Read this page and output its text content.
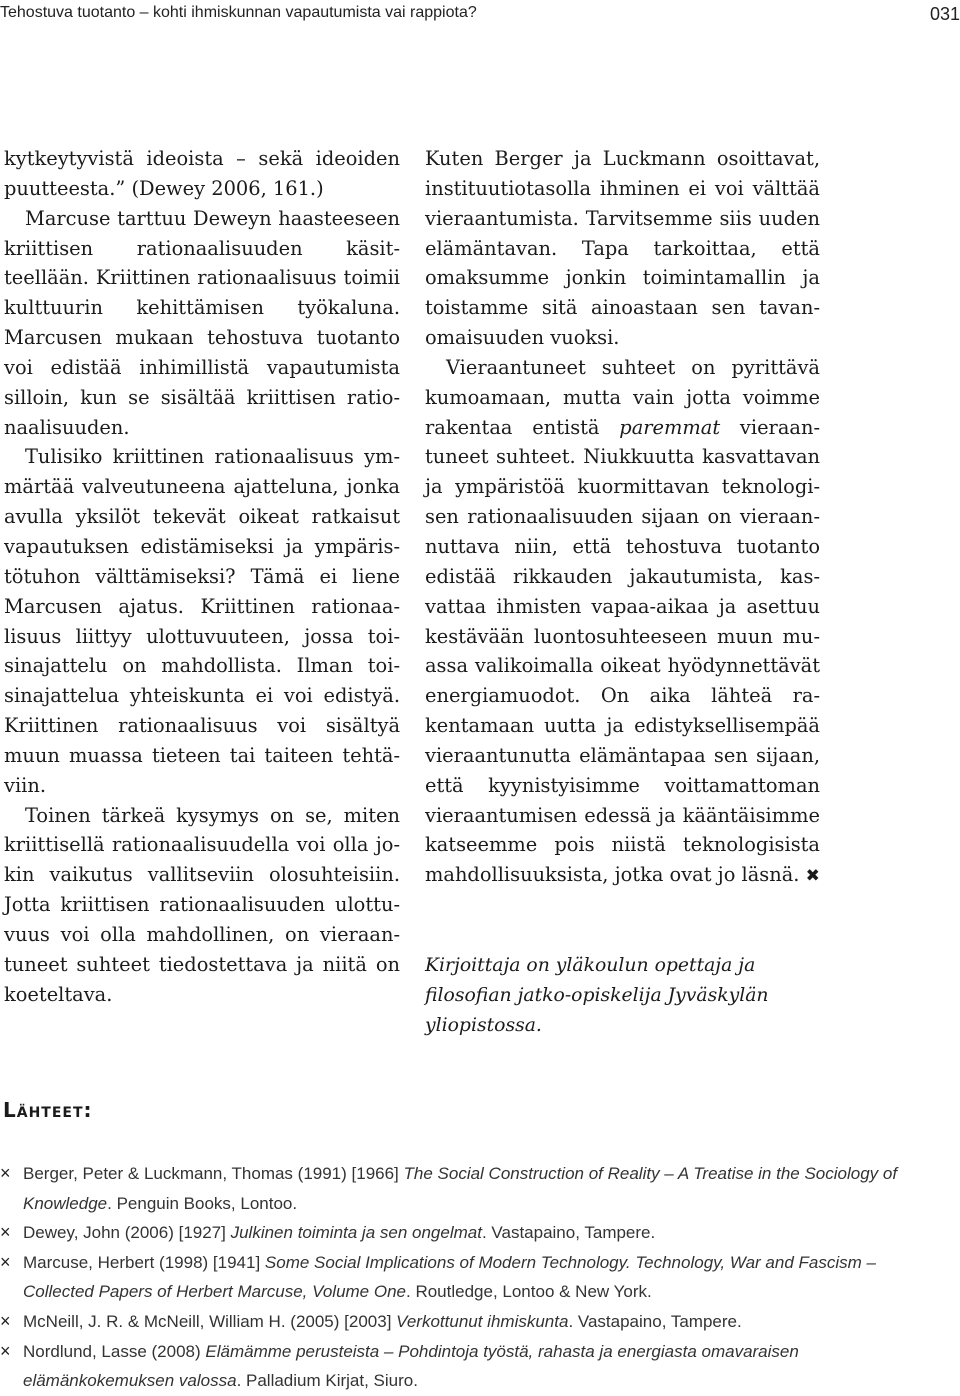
Tehostuva tuotanto – kohti ihmiskunnan vapautumista vai rappiota?	031

kytkeytyvistä ideoista – sekä ideoiden puutteesta.” (Dewey 2006, 161.)

Marcuse tarttuu Deweyn haasteeseen kriittisen rationaalisuuden käsitteellään. Kriittinen rationaalisuus toimii kulttuurin kehittämisen työkaluna. Marcusen mukaan tehostuva tuotanto voi edistää inhimillistä vapautumista silloin, kun se sisältää kriittisen rationaalisuuden.

Tulisiko kriittinen rationaalisuus ymmärtää valveutuneena ajatteluna, jonka avulla yksilöt tekevät oikeat ratkaisut vapautuksen edistämiseksi ja ympäristötuhon välttämiseksi? Tämä ei liene Marcusen ajatus. Kriittinen rationaalisuus liittyy ulottuvuuteen, jossa toisinajattelu on mahdollista. Ilman toisinajattelua yhteiskunta ei voi edistyä. Kriittinen rationaalisuus voi sisältyä muun muassa tieteen tai taiteen tehtäviin.

Toinen tärkeä kysymys on se, miten kriittisellä rationaalisuudella voi olla jokin vaikutus vallitseviin olosuhteisiin. Jotta kriittisen rationaalisuuden ulottuvuus voi olla mahdollinen, on vieraantuneet suhteet tiedostettava ja niitä on koeteltava.

Kuten Berger ja Luckmann osoittavat, instituutiotasolla ihminen ei voi välttää vieraantumista. Tarvitsemme siis uuden elämäntavan. Tapa tarkoittaa, että omaksumme jonkin toimintamallin ja toistamme sitä ainoastaan sen tavanomaisuuden vuoksi.

Vieraantuneet suhteet on pyrittävä kumoamaan, mutta vain jotta voimme rakentaa entistä paremmat vieraantuneet suhteet. Niukkuutta kasvattavan ja ympäristöä kuormittavan teknologisen rationaalisuuden sijaan on vieraannuttava niin, että tehostuva tuotanto edistää rikkauden jakautumista, kasvattaa ihmisten vapaa-aikaa ja asettuu kestävään luontosuhteeseen muun muassa valikoimalla oikeat hyödynnettävät energiamuodot. On aika lähteä rakentamaan uutta ja edistyksellisempää vieraantunutta elämäntapaa sen sijaan, että kyynistyisimme voittamattoman vieraantumisen edessä ja kääntäisimme katseemme pois niistä teknologisista mahdollisuuksista, jotka ovat jo läsnä. ✖

Kirjoittaja on yläkoulun opettaja ja filosofian jatko-opiskelija Jyväskylän yliopistossa.
Lähteet:
× Berger, Peter & Luckmann, Thomas (1991) [1966] The Social Construction of Reality – A Treatise in the Sociology of Knowledge. Penguin Books, Lontoo.
× Dewey, John (2006) [1927] Julkinen toiminta ja sen ongelmat. Vastapaino, Tampere.
× Marcuse, Herbert (1998) [1941] Some Social Implications of Modern Technology. Technology, War and Fascism – Collected Papers of Herbert Marcuse, Volume One. Routledge, Lontoo & New York.
× McNeill, J. R. & McNeill, William H. (2005) [2003] Verkottunut ihmiskunta. Vastapaino, Tampere.
× Nordlund, Lasse (2008) Elämämme perusteista – Pohdintoja työstä, rahasta ja energiasta omavaraisen elämänkokemuksen valossa. Palladium Kirjat, Siuro.
